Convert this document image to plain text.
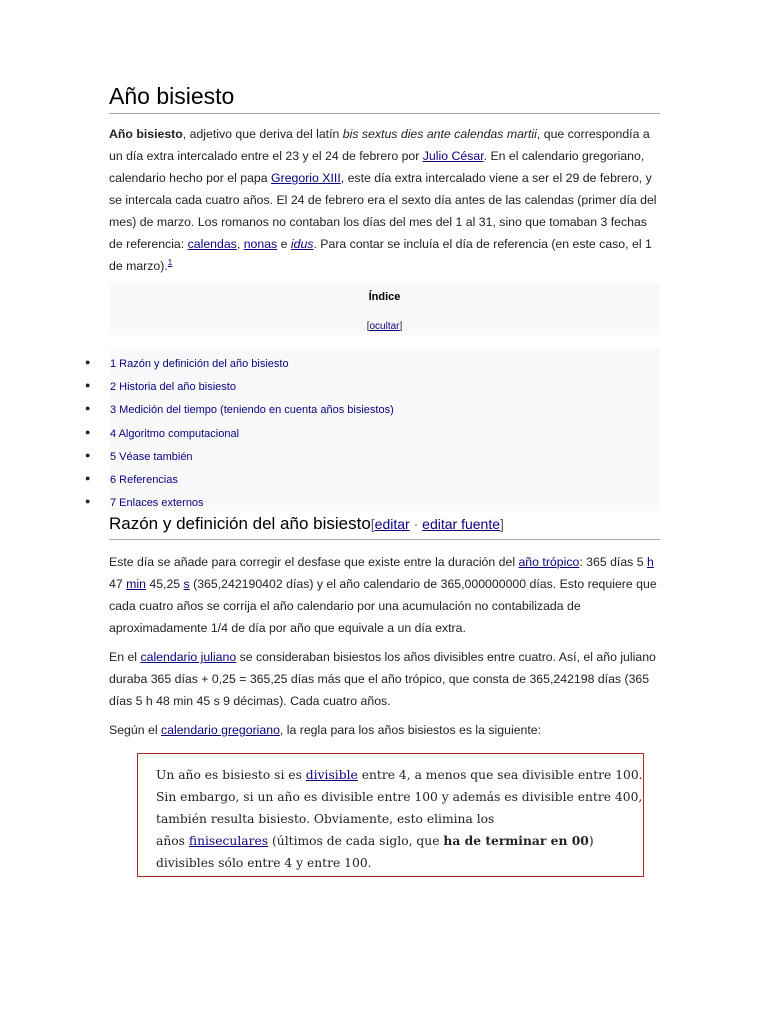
Año bisiesto

Año bisiesto, adjetivo que deriva del latín bis sextus dies ante calendas martii, que correspondía a un día extra intercalado entre el 23 y el 24 de febrero por Julio César. En el calendario gregoriano, calendario hecho por el papa Gregorio XIII, este día extra intercalado viene a ser el 29 de febrero, y se intercala cada cuatro años. El 24 de febrero era el sexto día antes de las calendas (primer día del mes) de marzo. Los romanos no contaban los días del mes del 1 al 31, sino que tomaban 3 fechas de referencia: calendas, nonas e idus. Para contar se incluía el día de referencia (en este caso, el 1 de marzo).$^1$

Índice
[ocultar]
● 1 Razón y definición del año bisiesto
● 2 Historia del año bisiesto
● 3 Medición del tiempo (teniendo en cuenta años bisiestos)
● 4 Algoritmo computacional
● 5 Véase también
● 6 Referencias
● 7 Enlaces externos
Razón y definición del año bisiesto[editar · editar fuente]

Este día se añade para corregir el desfase que existe entre la duración del año trópico: 365 días 5 h 47 min 45,25 s (365,242190402 días) y el año calendario de 365,000000000 días. Esto requiere que cada cuatro años se corrija el año calendario por una acumulación no contabilizada de aproximadamente 1/4 de día por año que equivale a un día extra.

En el calendario juliano se consideraban bisiestos los años divisibles entre cuatro. Así, el año juliano duraba 365 días + 0,25 = 365,25 días más que el año trópico, que consta de 365,242198 días (365 días 5 h 48 min 45 s 9 décimas). Cada cuatro años.

Según el calendario gregoriano, la regla para los años bisiestos es la siguiente:

Un año es bisiesto si es divisible entre 4, a menos que sea divisible entre 100.
Sin embargo, si un año es divisible entre 100 y además es divisible entre 400,
también resulta bisiesto. Obviamente, esto elimina los
años finiseculares (últimos de cada siglo, que ha de terminar en 00)
divisibles sólo entre 4 y entre 100.
